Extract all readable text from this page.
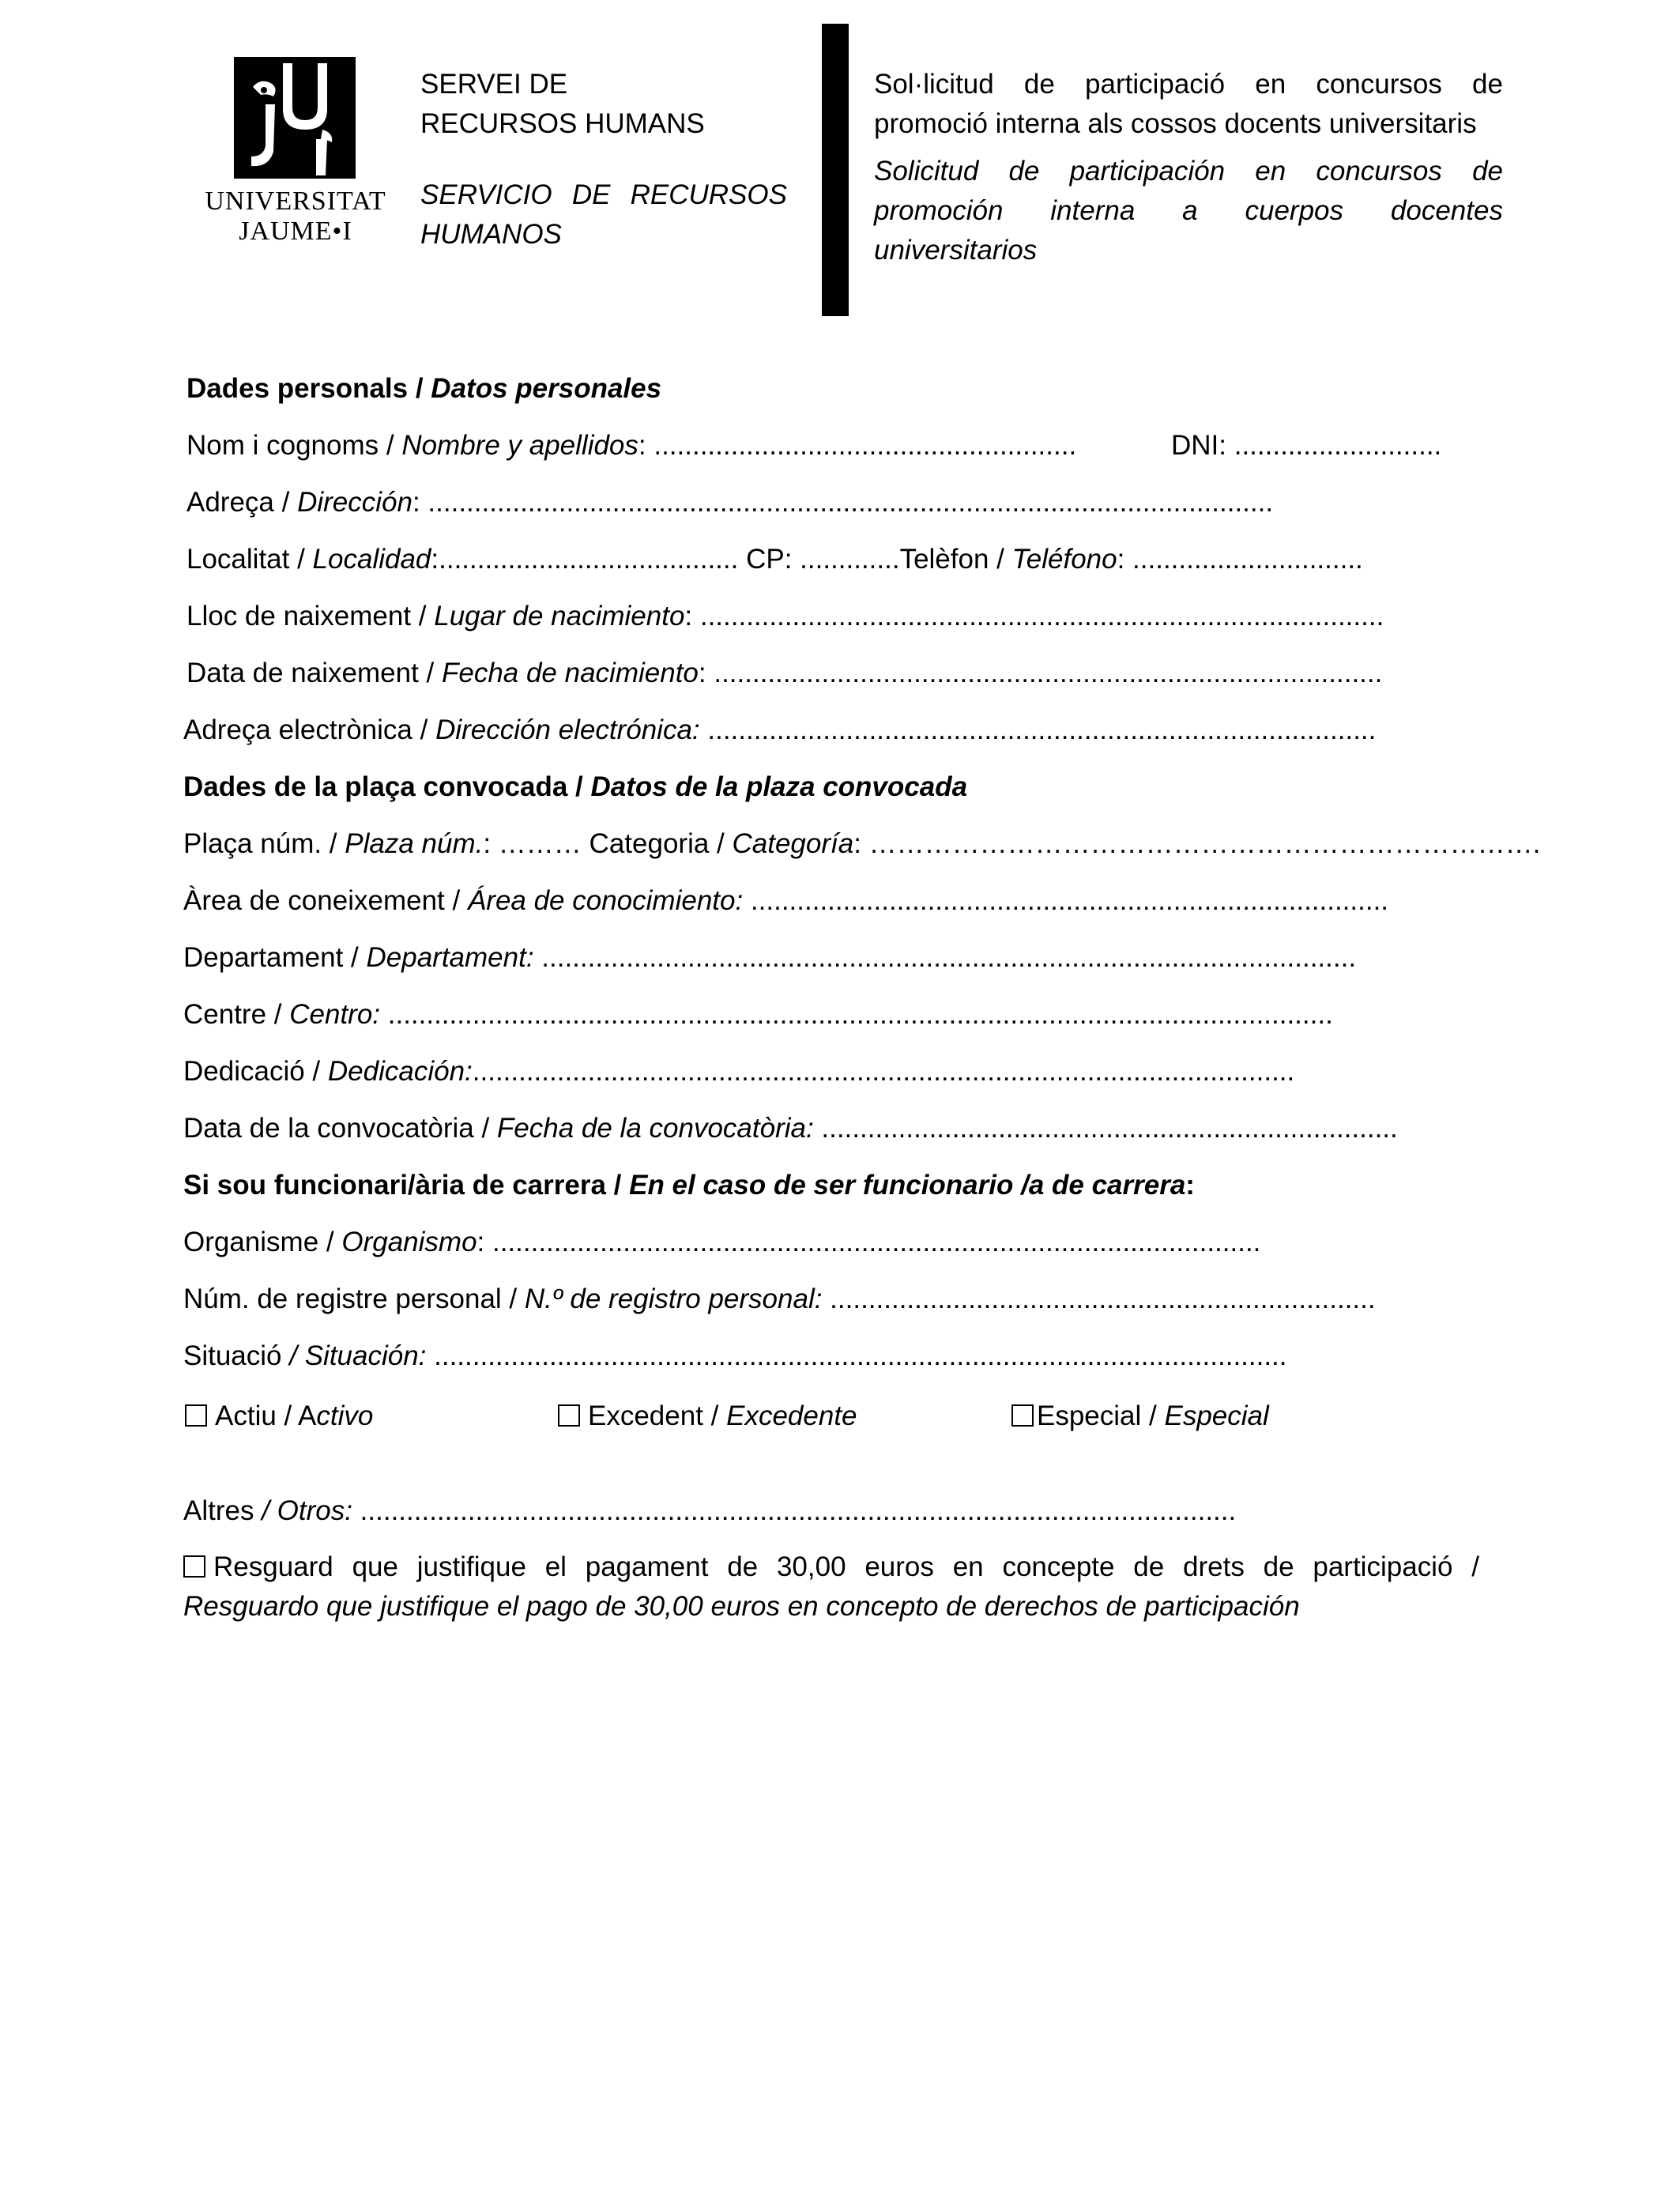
UNIVERSITAT
JAUME•I
SERVEI DE
RECURSOS HUMANS
SERVICIO DE RECURSOS
HUMANOS
Sol·licitud de participació en concursos de
promoció interna als cossos docents universitaris
Solicitud de participación en concursos de
promoción interna a cuerpos docentes
universitarios
Dades personals / Datos personales
Nom i cognoms / Nombre y apellidos: .......................................................	DNI: ...........................
Adreça / Dirección: ..............................................................................................................
Localitat / Localidad:....................................... CP: .............Telèfon / Teléfono: ..............................
Lloc de naixement / Lugar de nacimiento: .........................................................................................
Data de naixement / Fecha de nacimiento: .......................................................................................
Adreça electrònica / Dirección electrónica: .......................................................................................
Dades de la plaça convocada / Datos de la plaza convocada
Plaça núm. / Plaza núm.: ……… Categoria / Categoría: ……………………………………………………………….
Àrea de coneixement / Área de conocimiento: ...................................................................................
Departament / Departament: ..........................................................................................................
Centre / Centro: ...........................................................................................................................
Dedicació / Dedicación:...........................................................................................................
Data de la convocatòria / Fecha de la convocatòria: ...........................................................................
Si sou funcionari/ària de carrera / En el caso de ser funcionario /a de carrera:
Organisme / Organismo: ....................................................................................................
Núm. de registre personal / N.º de registro personal: .......................................................................
Situació / Situación: ...............................................................................................................
Actiu / Activo	Excedent / Excedente	Especial / Especial
Altres / Otros: ..................................................................................................................
Resguard que justifique el pagament de 30,00 euros en concepte de drets de participació /
Resguardo que justifique el pago de 30,00 euros en concepto de derechos de participación
